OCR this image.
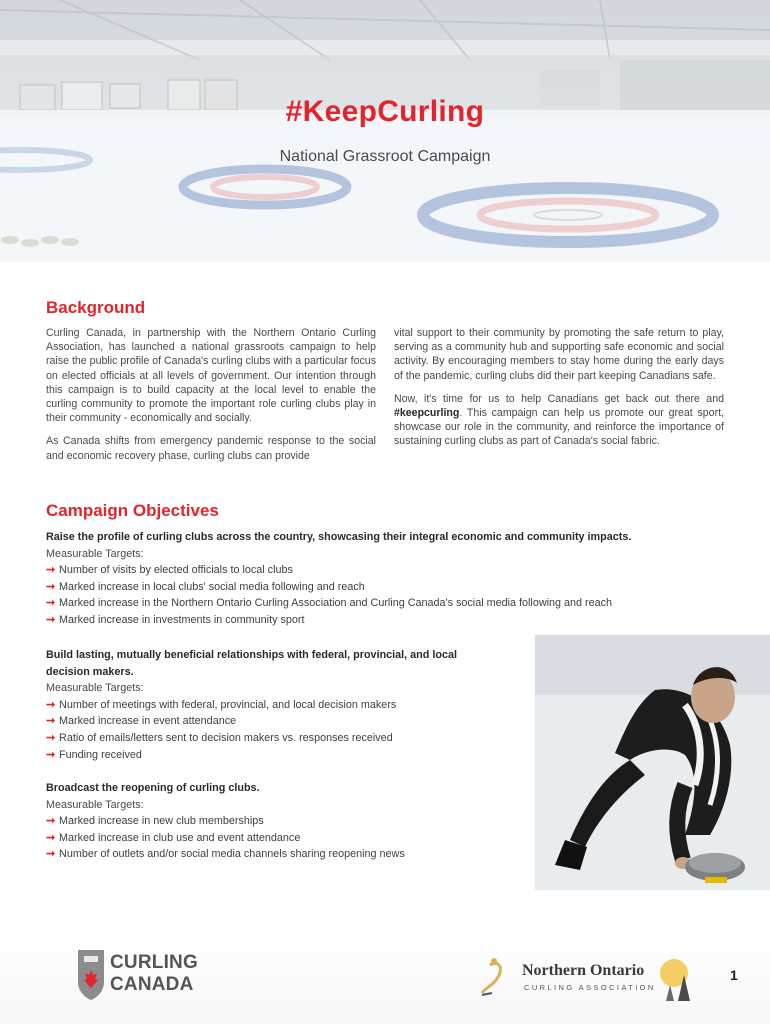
#KeepCurling
National Grassroot Campaign
Background

Curling Canada, in partnership with the Northern Ontario Curling Association, has launched a national grassroots campaign to help raise the public profile of Canada's curling clubs with a particular focus on elected officials at all levels of government. Our intention through this campaign is to build capacity at the local level to enable the curling community to promote the important role curling clubs play in their community - economically and socially.

As Canada shifts from emergency pandemic response to the social and economic recovery phase, curling clubs can provide

vital support to their community by promoting the safe return to play, serving as a community hub and supporting safe economic and social activity. By encouraging members to stay home during the early days of the pandemic, curling clubs did their part keeping Canadians safe.

Now, it's time for us to help Canadians get back out there and #keepcurling. This campaign can help us promote our great sport, showcase our role in the community, and reinforce the importance of sustaining curling clubs as part of Canada's social fabric.

Campaign Objectives
Raise the profile of curling clubs across the country, showcasing their integral economic and community impacts.
Measurable Targets:
➞ Number of visits by elected officials to local clubs
➞ Marked increase in local clubs' social media following and reach
➞ Marked increase in the Northern Ontario Curling Association and Curling Canada's social media following and reach
➞ Marked increase in investments in community sport
Build lasting, mutually beneficial relationships with federal, provincial, and local
decision makers.
Measurable Targets:
➞ Number of meetings with federal, provincial, and local decision makers
➞ Marked increase in event attendance
➞ Ratio of emails/letters sent to decision makers vs. responses received
➞ Funding received
Broadcast the reopening of curling clubs.
Measurable Targets:
➞ Marked increase in new club memberships
➞ Marked increase in club use and event attendance
➞ Number of outlets and/or social media channels sharing reopening news
CURLING
CANADA
Northern Ontario
CURLING ASSOCIATION
1
